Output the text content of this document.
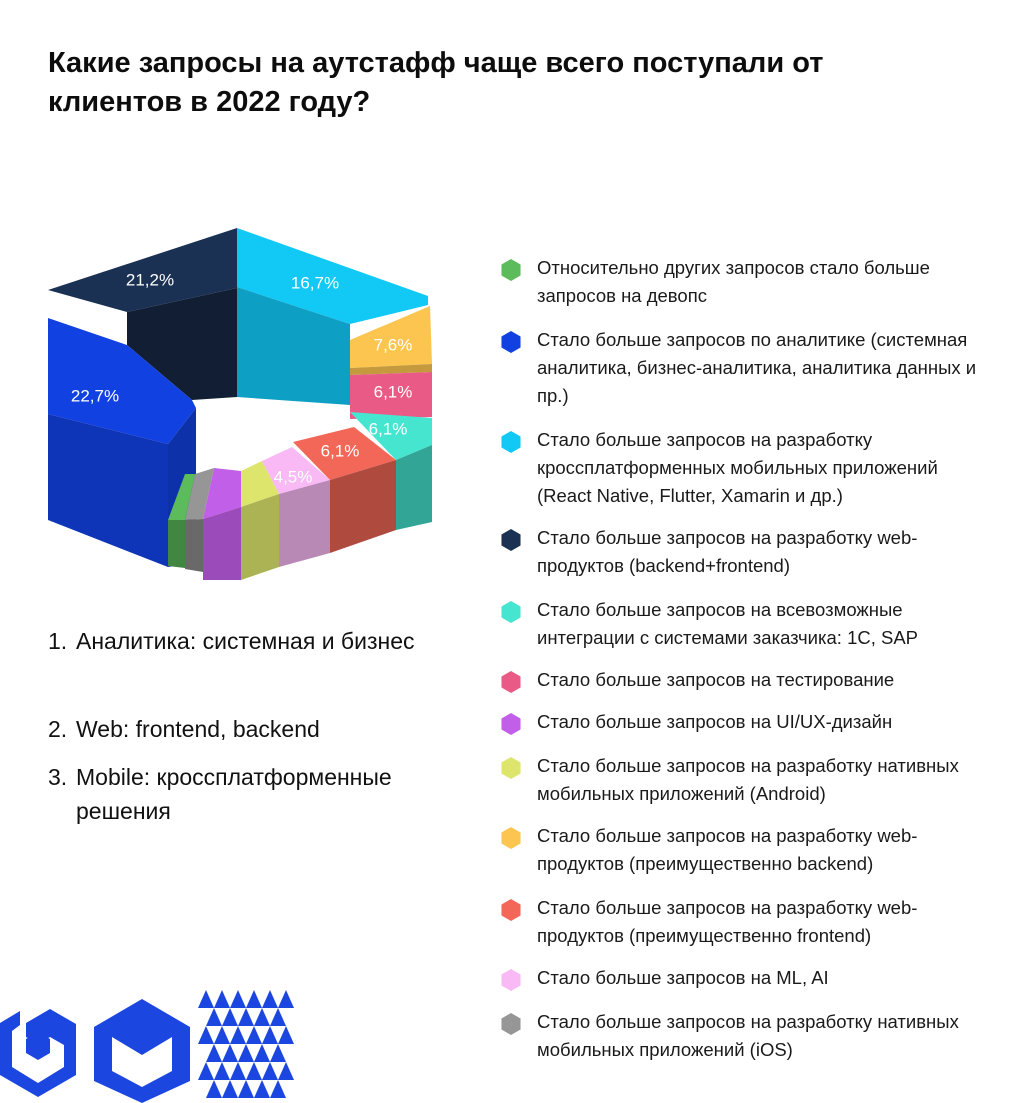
Какие запросы на аутстафф чаще всего поступали от клиентов в 2022 году?
21,2%
22,7%
16,7%
7,6%
6,1%
6,1%
6,1%
4,5%
Относительно других запросов стало больше запросов на девопс
Стало больше запросов по аналитике (системная аналитика, бизнес-аналитика, аналитика данных и пр.)
Стало больше запросов на разработку кроссплатформенных мобильных приложений (React Native, Flutter, Xamarin и др.)
Стало больше запросов на разработку web-продуктов (backend+frontend)
Стало больше запросов на всевозможные интеграции с системами заказчика: 1С, SAP
Стало больше запросов на тестирование
Стало больше запросов на UI/UX-дизайн
Стало больше запросов на разработку нативных мобильных приложений (Android)
Стало больше запросов на разработку web-продуктов (преимущественно backend)
Стало больше запросов на разработку web-продуктов (преимущественно frontend)
Стало больше запросов на ML, AI
Стало больше запросов на разработку нативных мобильных приложений (iOS)
1. Аналитика: системная и бизнес
2. Web: frontend, backend
3. Mobile: кроссплатформенные решения
